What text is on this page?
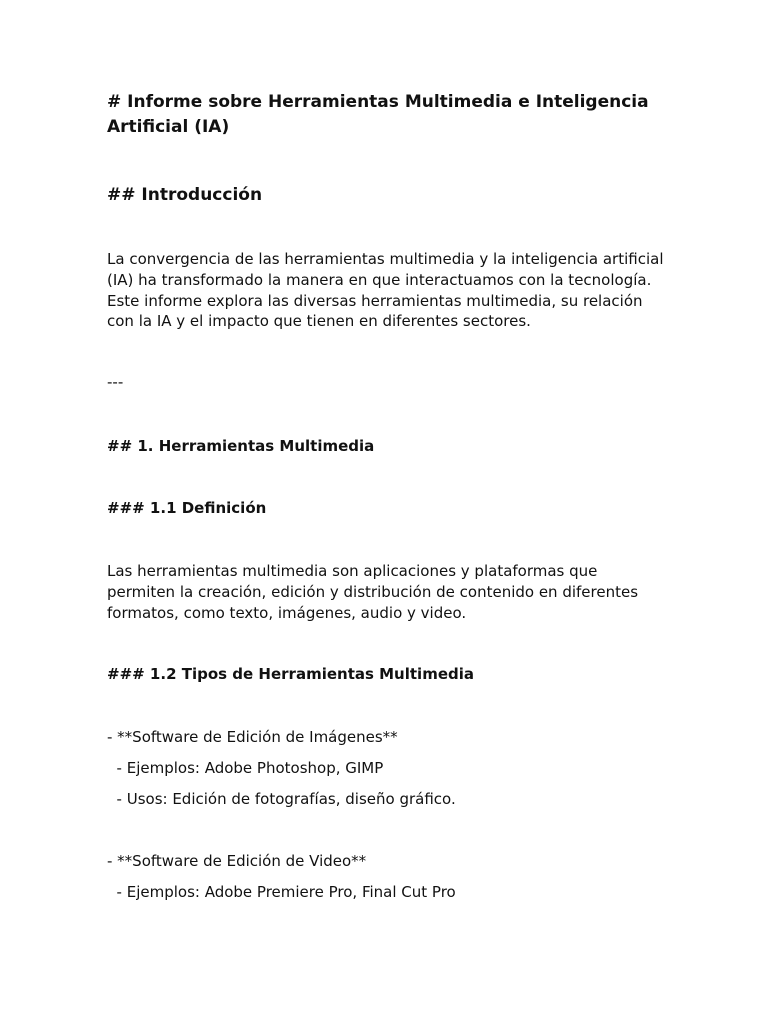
# Informe sobre Herramientas Multimedia e Inteligencia Artificial (IA)
## Introducción

La convergencia de las herramientas multimedia y la inteligencia artificial (IA) ha transformado la manera en que interactuamos con la tecnología. Este informe explora las diversas herramientas multimedia, su relación con la IA y el impacto que tienen en diferentes sectores.

---

## 1. Herramientas Multimedia
### 1.1 Definición

Las herramientas multimedia son aplicaciones y plataformas que permiten la creación, edición y distribución de contenido en diferentes formatos, como texto, imágenes, audio y video.

### 1.2 Tipos de Herramientas Multimedia

- **Software de Edición de Imágenes**

- Ejemplos: Adobe Photoshop, GIMP

- Usos: Edición de fotografías, diseño gráfico.

- **Software de Edición de Video**

- Ejemplos: Adobe Premiere Pro, Final Cut Pro
